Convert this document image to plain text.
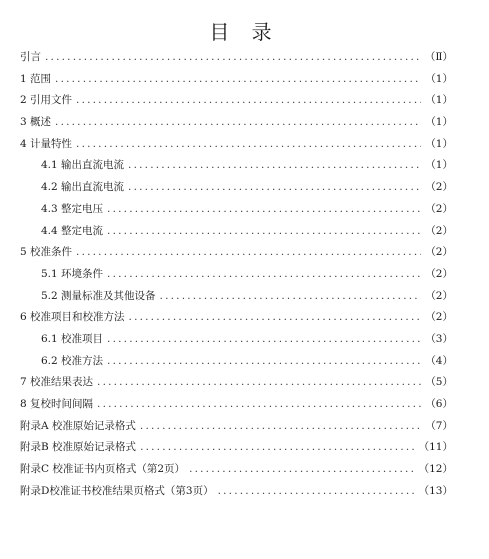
目 录
引言 .....	（Ⅱ）
1 范围 .....	（1）
2 引用文件 .....	（1）
3 概述 .....	（1）
4 计量特性 .....	（1）
4.1 输出直流电流 .....	（1）
4.2 输出直流电流 .....	（2）
4.3 整定电压 .....	（2）
4.4 整定电流 .....	（2）
5 校准条件 .....	（2）
5.1 环境条件 .....	（2）
5.2 测量标准及其他设备 .....	（2）
6 校准项目和校准方法 .....	（2）
6.1 校准项目 .....	（3）
6.2 校准方法 .....	（4）
7 校准结果表达 .....	（5）
8 复校时间间隔 .....	（6）
附录A 校准原始记录格式 .....	（7）
附录B 校准原始记录格式 .....	（11）
附录C 校准证书内页格式（第2页） .....	（12）
附录D校准证书校准结果页格式（第3页） .....	（13）
